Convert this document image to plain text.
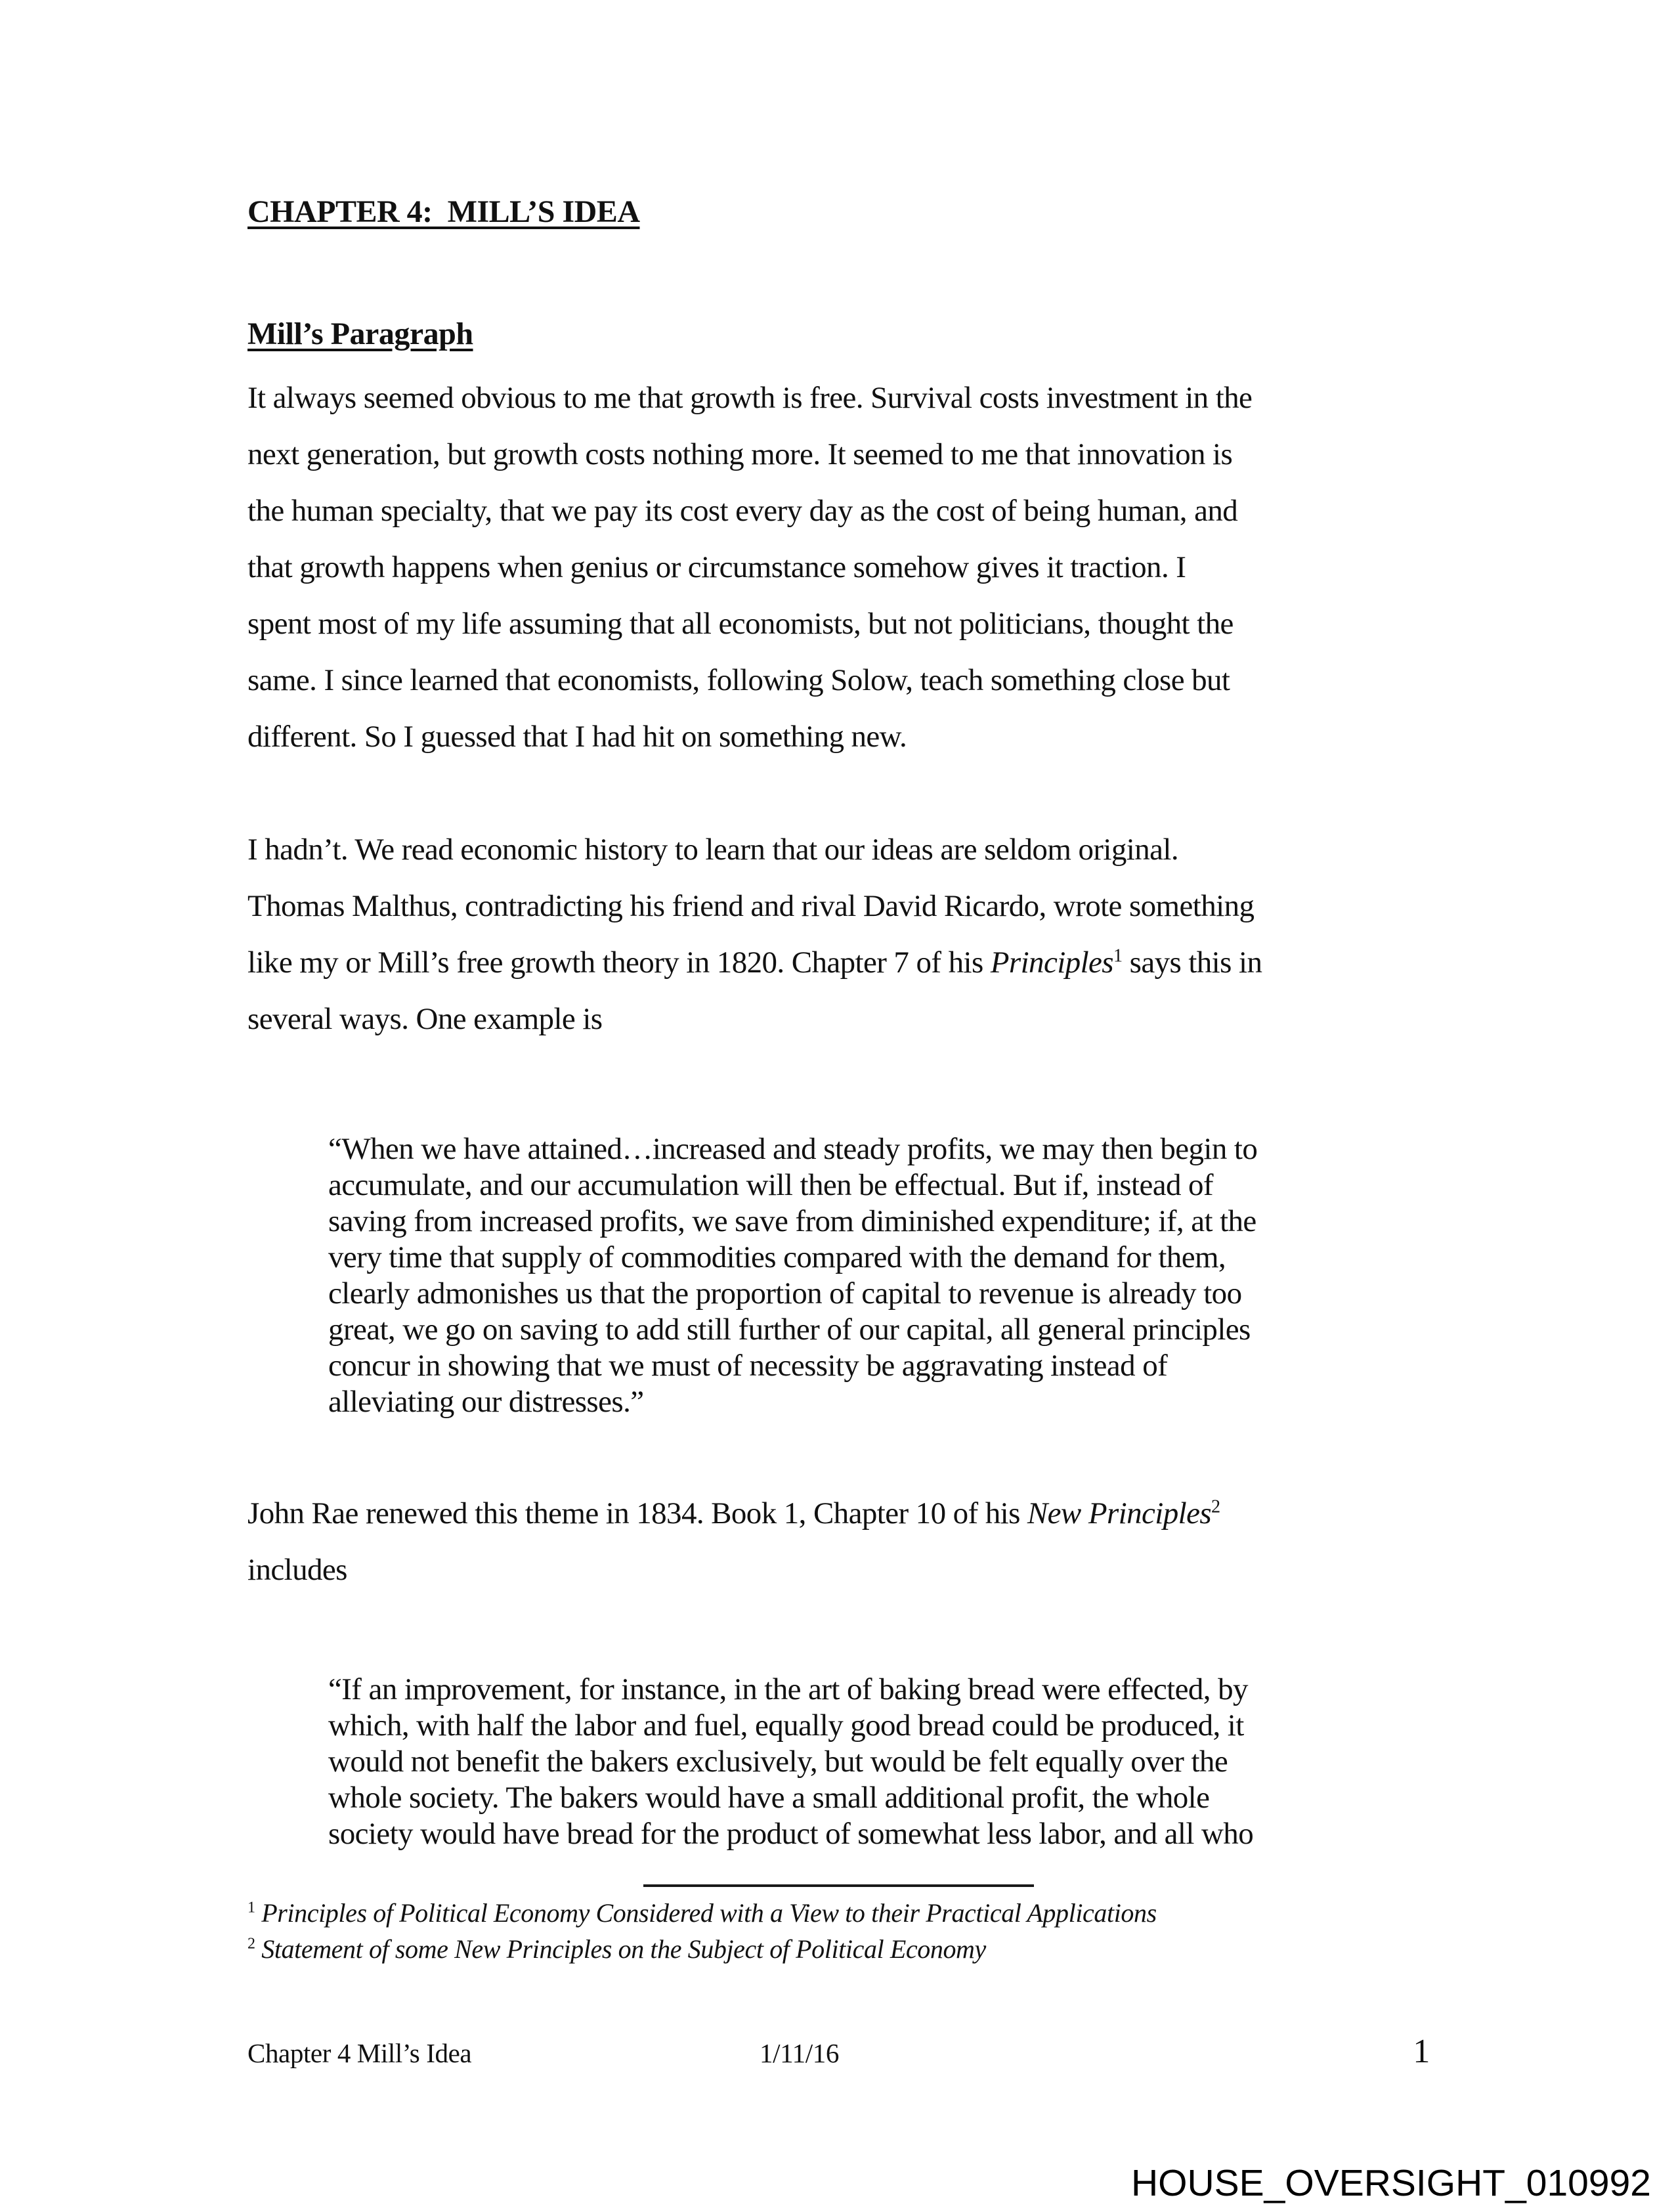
CHAPTER 4:  MILL’S IDEA
Mill’s Paragraph
It always seemed obvious to me that growth is free. Survival costs investment in the
next generation, but growth costs nothing more. It seemed to me that innovation is
the human specialty, that we pay its cost every day as the cost of being human, and
that growth happens when genius or circumstance somehow gives it traction. I
spent most of my life assuming that all economists, but not politicians, thought the
same. I since learned that economists, following Solow, teach something close but
different. So I guessed that I had hit on something new.
I hadn’t. We read economic history to learn that our ideas are seldom original.
Thomas Malthus, contradicting his friend and rival David Ricardo, wrote something
like my or Mill’s free growth theory in 1820. Chapter 7 of his Principles$^1$ says this in
several ways. One example is
“When we have attained…increased and steady profits, we may then begin to
accumulate, and our accumulation will then be effectual. But if, instead of
saving from increased profits, we save from diminished expenditure; if, at the
very time that supply of commodities compared with the demand for them,
clearly admonishes us that the proportion of capital to revenue is already too
great, we go on saving to add still further of our capital, all general principles
concur in showing that we must of necessity be aggravating instead of
alleviating our distresses.”
John Rae renewed this theme in 1834. Book 1, Chapter 10 of his New Principles$^2$
includes
“If an improvement, for instance, in the art of baking bread were effected, by
which, with half the labor and fuel, equally good bread could be produced, it
would not benefit the bakers exclusively, but would be felt equally over the
whole society. The bakers would have a small additional profit, the whole
society would have bread for the product of somewhat less labor, and all who
$^1$ Principles of Political Economy Considered with a View to their Practical Applications
$^2$ Statement of some New Principles on the Subject of Political Economy
Chapter 4 Mill’s Idea	1/11/16	1
HOUSE_OVERSIGHT_010992
